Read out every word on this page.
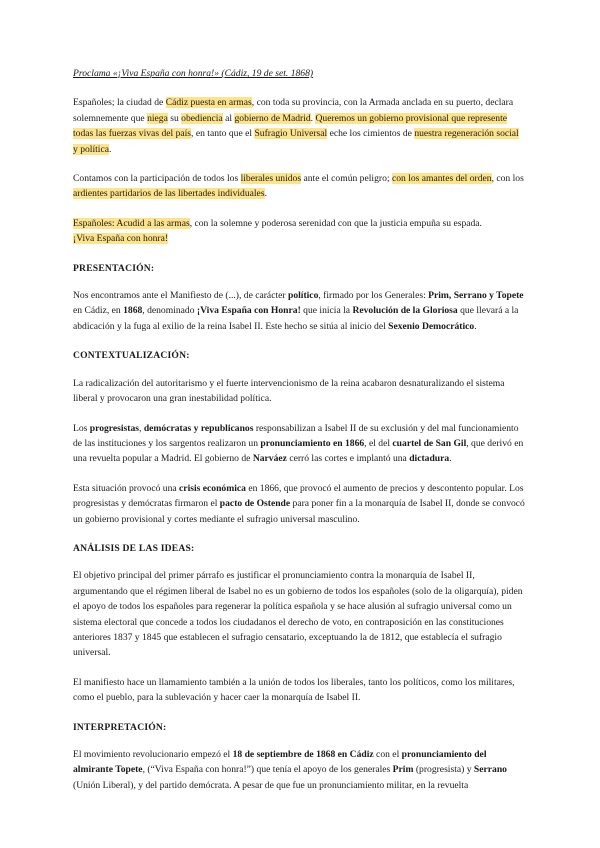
Proclama «¡Viva España con honra!» (Cádiz, 19 de set. 1868)

Españoles; la ciudad de Cádiz puesta en armas, con toda su provincia, con la Armada anclada en su puerto, declara solemnemente que niega su obediencia al gobierno de Madrid. Queremos un gobierno provisional que represente todas las fuerzas vivas del país, en tanto que el Sufragio Universal eche los cimientos de nuestra regeneración social y política.

Contamos con la participación de todos los liberales unidos ante el común peligro; con los amantes del orden, con los ardientes partidarios de las libertades individuales.

Españoles: Acudid a las armas, con la solemne y poderosa serenidad con que la justicia empuña su espada.
¡Viva España con honra!

PRESENTACIÓN:

Nos encontramos ante el Manifiesto de (...), de carácter político, firmado por los Generales: Prim, Serrano y Topete en Cádiz, en 1868, denominado ¡Viva España con Honra! que inicia la Revolución de la Gloriosa que llevará a la abdicación y la fuga al exilio de la reina Isabel II. Este hecho se sitúa al inicio del Sexenio Democrático.

CONTEXTUALIZACIÓN:

La radicalización del autoritarismo y el fuerte intervencionismo de la reina acabaron desnaturalizando el sistema liberal y provocaron una gran inestabilidad política.

Los progresistas, demócratas y republicanos responsabilizan a Isabel II de su exclusión y del mal funcionamiento de las instituciones y los sargentos realizaron un pronunciamiento en 1866, el del cuartel de San Gil, que derivó en una revuelta popular a Madrid. El gobierno de Narváez cerró las cortes e implantó una dictadura.

Esta situación provocó una crisis económica en 1866, que provocó el aumento de precios y descontento popular. Los progresistas y demócratas firmaron el pacto de Ostende para poner fin a la monarquía de Isabel II, donde se convocó un gobierno provisional y cortes mediante el sufragio universal masculino.

ANÁLISIS DE LAS IDEAS:

El objetivo principal del primer párrafo es justificar el pronunciamiento contra la monarquía de Isabel II, argumentando que el régimen liberal de Isabel no es un gobierno de todos los españoles (solo de la oligarquía), piden el apoyo de todos los españoles para regenerar la política española y se hace alusión al sufragio universal como un sistema electoral que concede a todos los ciudadanos el derecho de voto, en contraposición en las constituciones anteriores 1837 y 1845 que establecen el sufragio censatario, exceptuando la de 1812, que establecía el sufragio universal.

El manifiesto hace un llamamiento también a la unión de todos los liberales, tanto los políticos, como los militares, como el pueblo, para la sublevación y hacer caer la monarquía de Isabel II.

INTERPRETACIÓN:

El movimiento revolucionario empezó el 18 de septiembre de 1868 en Cádiz con el pronunciamiento del almirante Topete, (“Viva España con honra!”) que tenía el apoyo de los generales Prim (progresista) y Serrano (Unión Liberal), y del partido demócrata. A pesar de que fue un pronunciamiento militar, en la revuelta
